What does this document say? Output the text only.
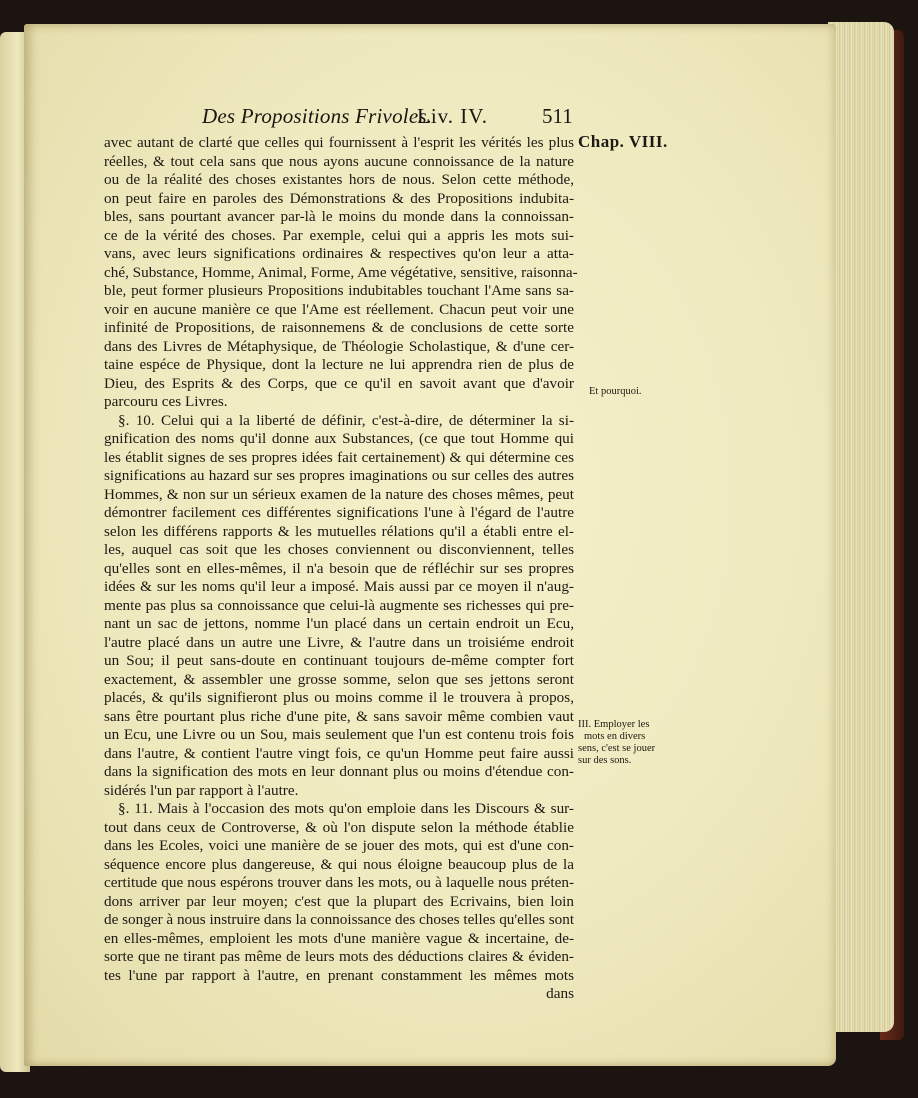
Des Propositions Frivoles.
Liv. IV.	511
Chap. VIII.
Et pourquoi.
III. Employer les
mots en divers
sens, c'est se jouer
sur des sons.
avec autant de clarté que celles qui fournissent à l'esprit les vérités les plus
réelles, & tout cela sans que nous ayons aucune connoissance de la nature
ou de la réalité des choses existantes hors de nous. Selon cette méthode,
on peut faire en paroles des Démonstrations & des Propositions indubita-
bles, sans pourtant avancer par-là le moins du monde dans la connoissan-
ce de la vérité des choses. Par exemple, celui qui a appris les mots sui-
vans, avec leurs significations ordinaires & respectives qu'on leur a atta-
ché, Substance, Homme, Animal, Forme, Ame végétative, sensitive, raisonna-
ble, peut former plusieurs Propositions indubitables touchant l'Ame sans sa-
voir en aucune manière ce que l'Ame est réellement. Chacun peut voir une
infinité de Propositions, de raisonnemens & de conclusions de cette sorte
dans des Livres de Métaphysique, de Théologie Scholastique, & d'une cer-
taine espéce de Physique, dont la lecture ne lui apprendra rien de plus de
Dieu, des Esprits & des Corps, que ce qu'il en savoit avant que d'avoir
parcouru ces Livres.
§. 10. Celui qui a la liberté de définir, c'est-à-dire, de déterminer la si-
gnification des noms qu'il donne aux Substances, (ce que tout Homme qui
les établit signes de ses propres idées fait certainement) & qui détermine ces
significations au hazard sur ses propres imaginations ou sur celles des autres
Hommes, & non sur un sérieux examen de la nature des choses mêmes, peut
démontrer facilement ces différentes significations l'une à l'égard de l'autre
selon les différens rapports & les mutuelles rélations qu'il a établi entre el-
les, auquel cas soit que les choses conviennent ou disconviennent, telles
qu'elles sont en elles-mêmes, il n'a besoin que de réfléchir sur ses propres
idées & sur les noms qu'il leur a imposé. Mais aussi par ce moyen il n'aug-
mente pas plus sa connoissance que celui-là augmente ses richesses qui pre-
nant un sac de jettons, nomme l'un placé dans un certain endroit un Ecu,
l'autre placé dans un autre une Livre, & l'autre dans un troisiéme endroit
un Sou; il peut sans-doute en continuant toujours de-même compter fort
exactement, & assembler une grosse somme, selon que ses jettons seront
placés, & qu'ils signifieront plus ou moins comme il le trouvera à propos,
sans être pourtant plus riche d'une pite, & sans savoir même combien vaut
un Ecu, une Livre ou un Sou, mais seulement que l'un est contenu trois fois
dans l'autre, & contient l'autre vingt fois, ce qu'un Homme peut faire aussi
dans la signification des mots en leur donnant plus ou moins d'étendue con-
sidérés l'un par rapport à l'autre.
§. 11. Mais à l'occasion des mots qu'on emploie dans les Discours & sur-
tout dans ceux de Controverse, & où l'on dispute selon la méthode établie
dans les Ecoles, voici une manière de se jouer des mots, qui est d'une con-
séquence encore plus dangereuse, & qui nous éloigne beaucoup plus de la
certitude que nous espérons trouver dans les mots, ou à laquelle nous préten-
dons arriver par leur moyen; c'est que la plupart des Ecrivains, bien loin
de songer à nous instruire dans la connoissance des choses telles qu'elles sont
en elles-mêmes, emploient les mots d'une manière vague & incertaine, de-
sorte que ne tirant pas même de leurs mots des déductions claires & éviden-
tes l'une par rapport à l'autre, en prenant constamment les mêmes mots
dans
